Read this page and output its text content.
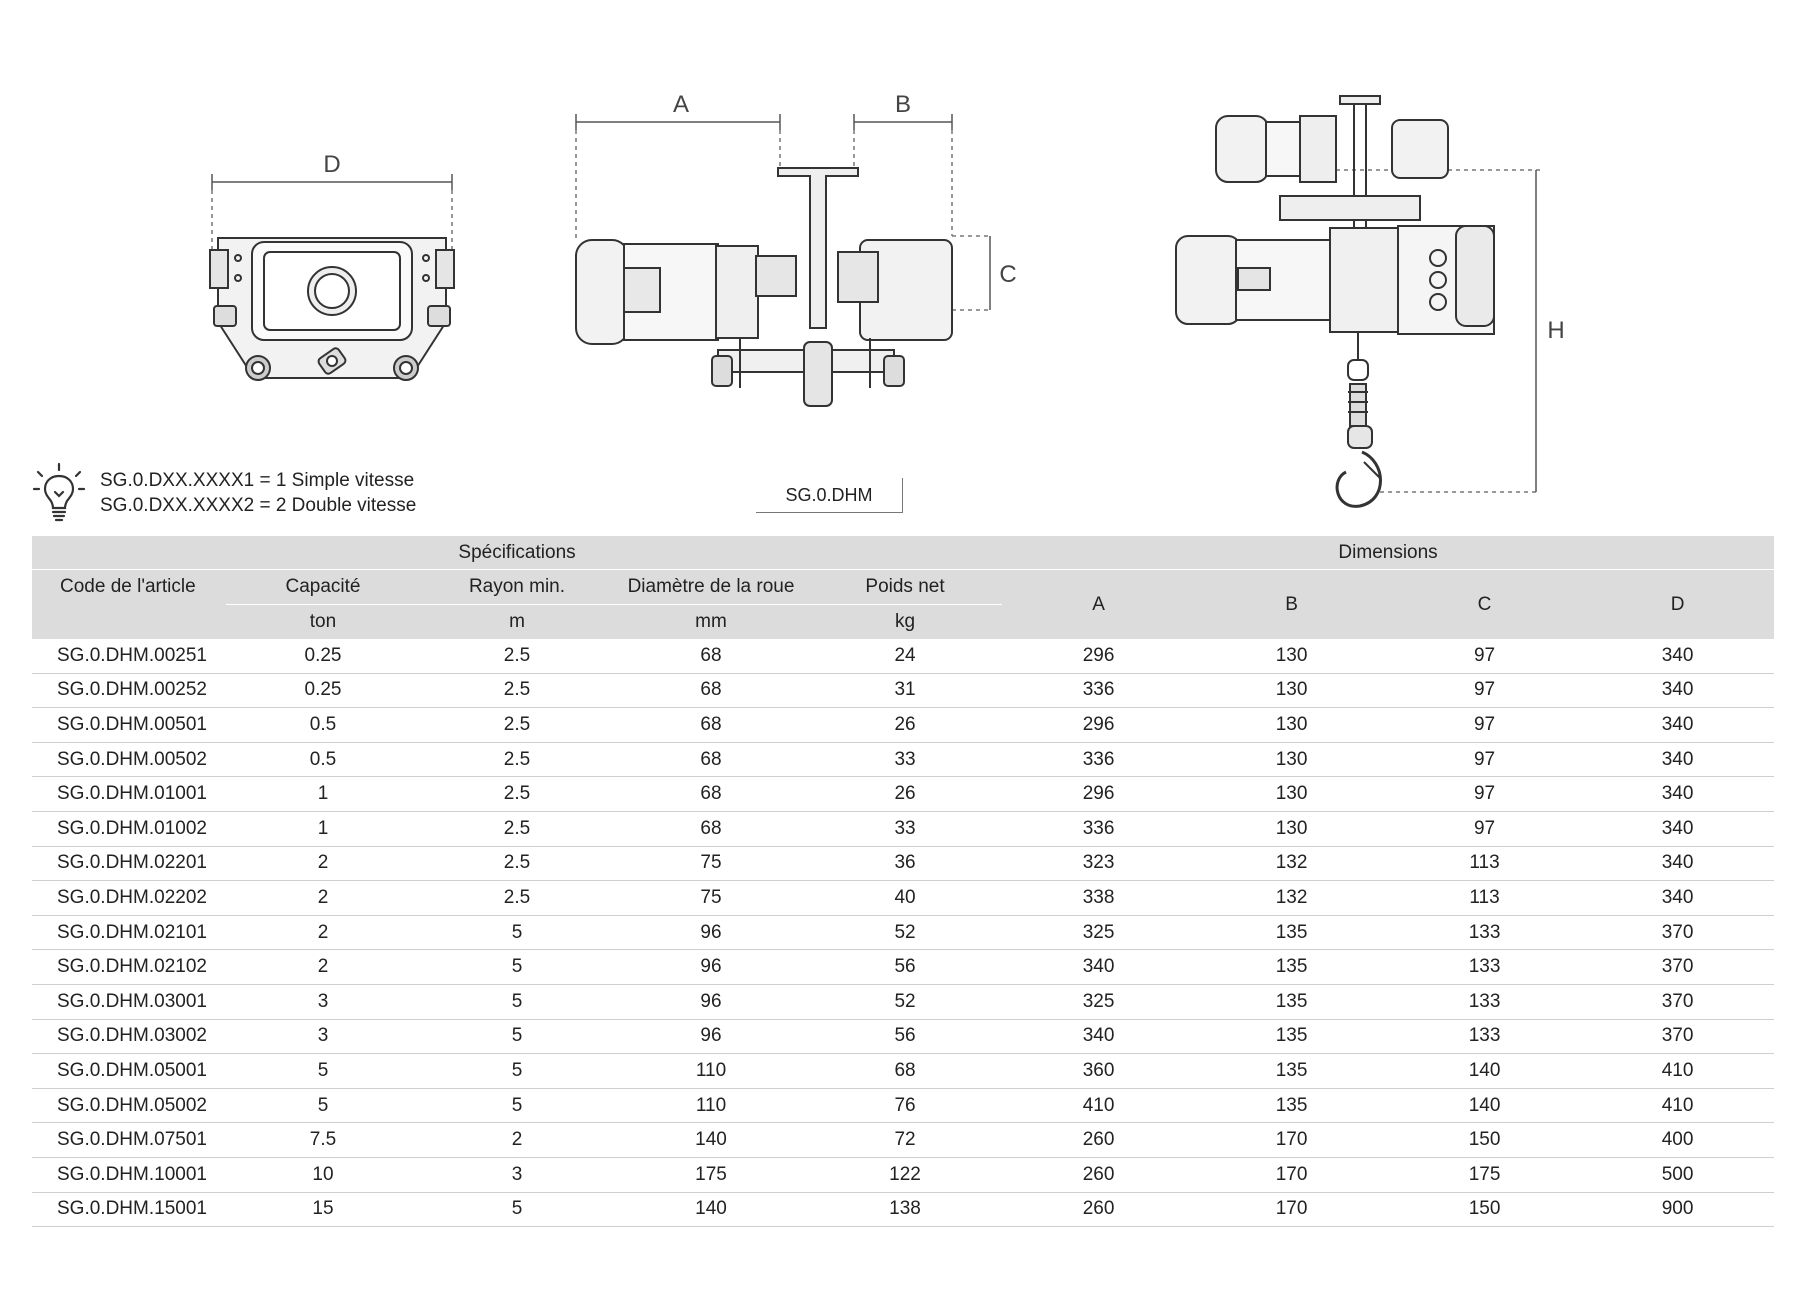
A	B
C
D
H
SG.0.DXX.XXXX1 = 1 Simple vitesse
SG.0.DXX.XXXX2 = 2 Double vitesse	SG.0.DHM
Spécifications					Dimensions			
Code de l'article	Capacité	Rayon min.	Diamètre de la roue	Poids net	A	B	C	D
	ton	m	mm	kg				
SG.0.DHM.00251	0.25	2.5	68	24	296	130	97	340
SG.0.DHM.00252	0.25	2.5	68	31	336	130	97	340
SG.0.DHM.00501	0.5	2.5	68	26	296	130	97	340
SG.0.DHM.00502	0.5	2.5	68	33	336	130	97	340
SG.0.DHM.01001	1	2.5	68	26	296	130	97	340
SG.0.DHM.01002	1	2.5	68	33	336	130	97	340
SG.0.DHM.02201	2	2.5	75	36	323	132	113	340
SG.0.DHM.02202	2	2.5	75	40	338	132	113	340
SG.0.DHM.02101	2	5	96	52	325	135	133	370
SG.0.DHM.02102	2	5	96	56	340	135	133	370
SG.0.DHM.03001	3	5	96	52	325	135	133	370
SG.0.DHM.03002	3	5	96	56	340	135	133	370
SG.0.DHM.05001	5	5	110	68	360	135	140	410
SG.0.DHM.05002	5	5	110	76	410	135	140	410
SG.0.DHM.07501	7.5	2	140	72	260	170	150	400
SG.0.DHM.10001	10	3	175	122	260	170	175	500
SG.0.DHM.15001	15	5	140	138	260	170	150	900
